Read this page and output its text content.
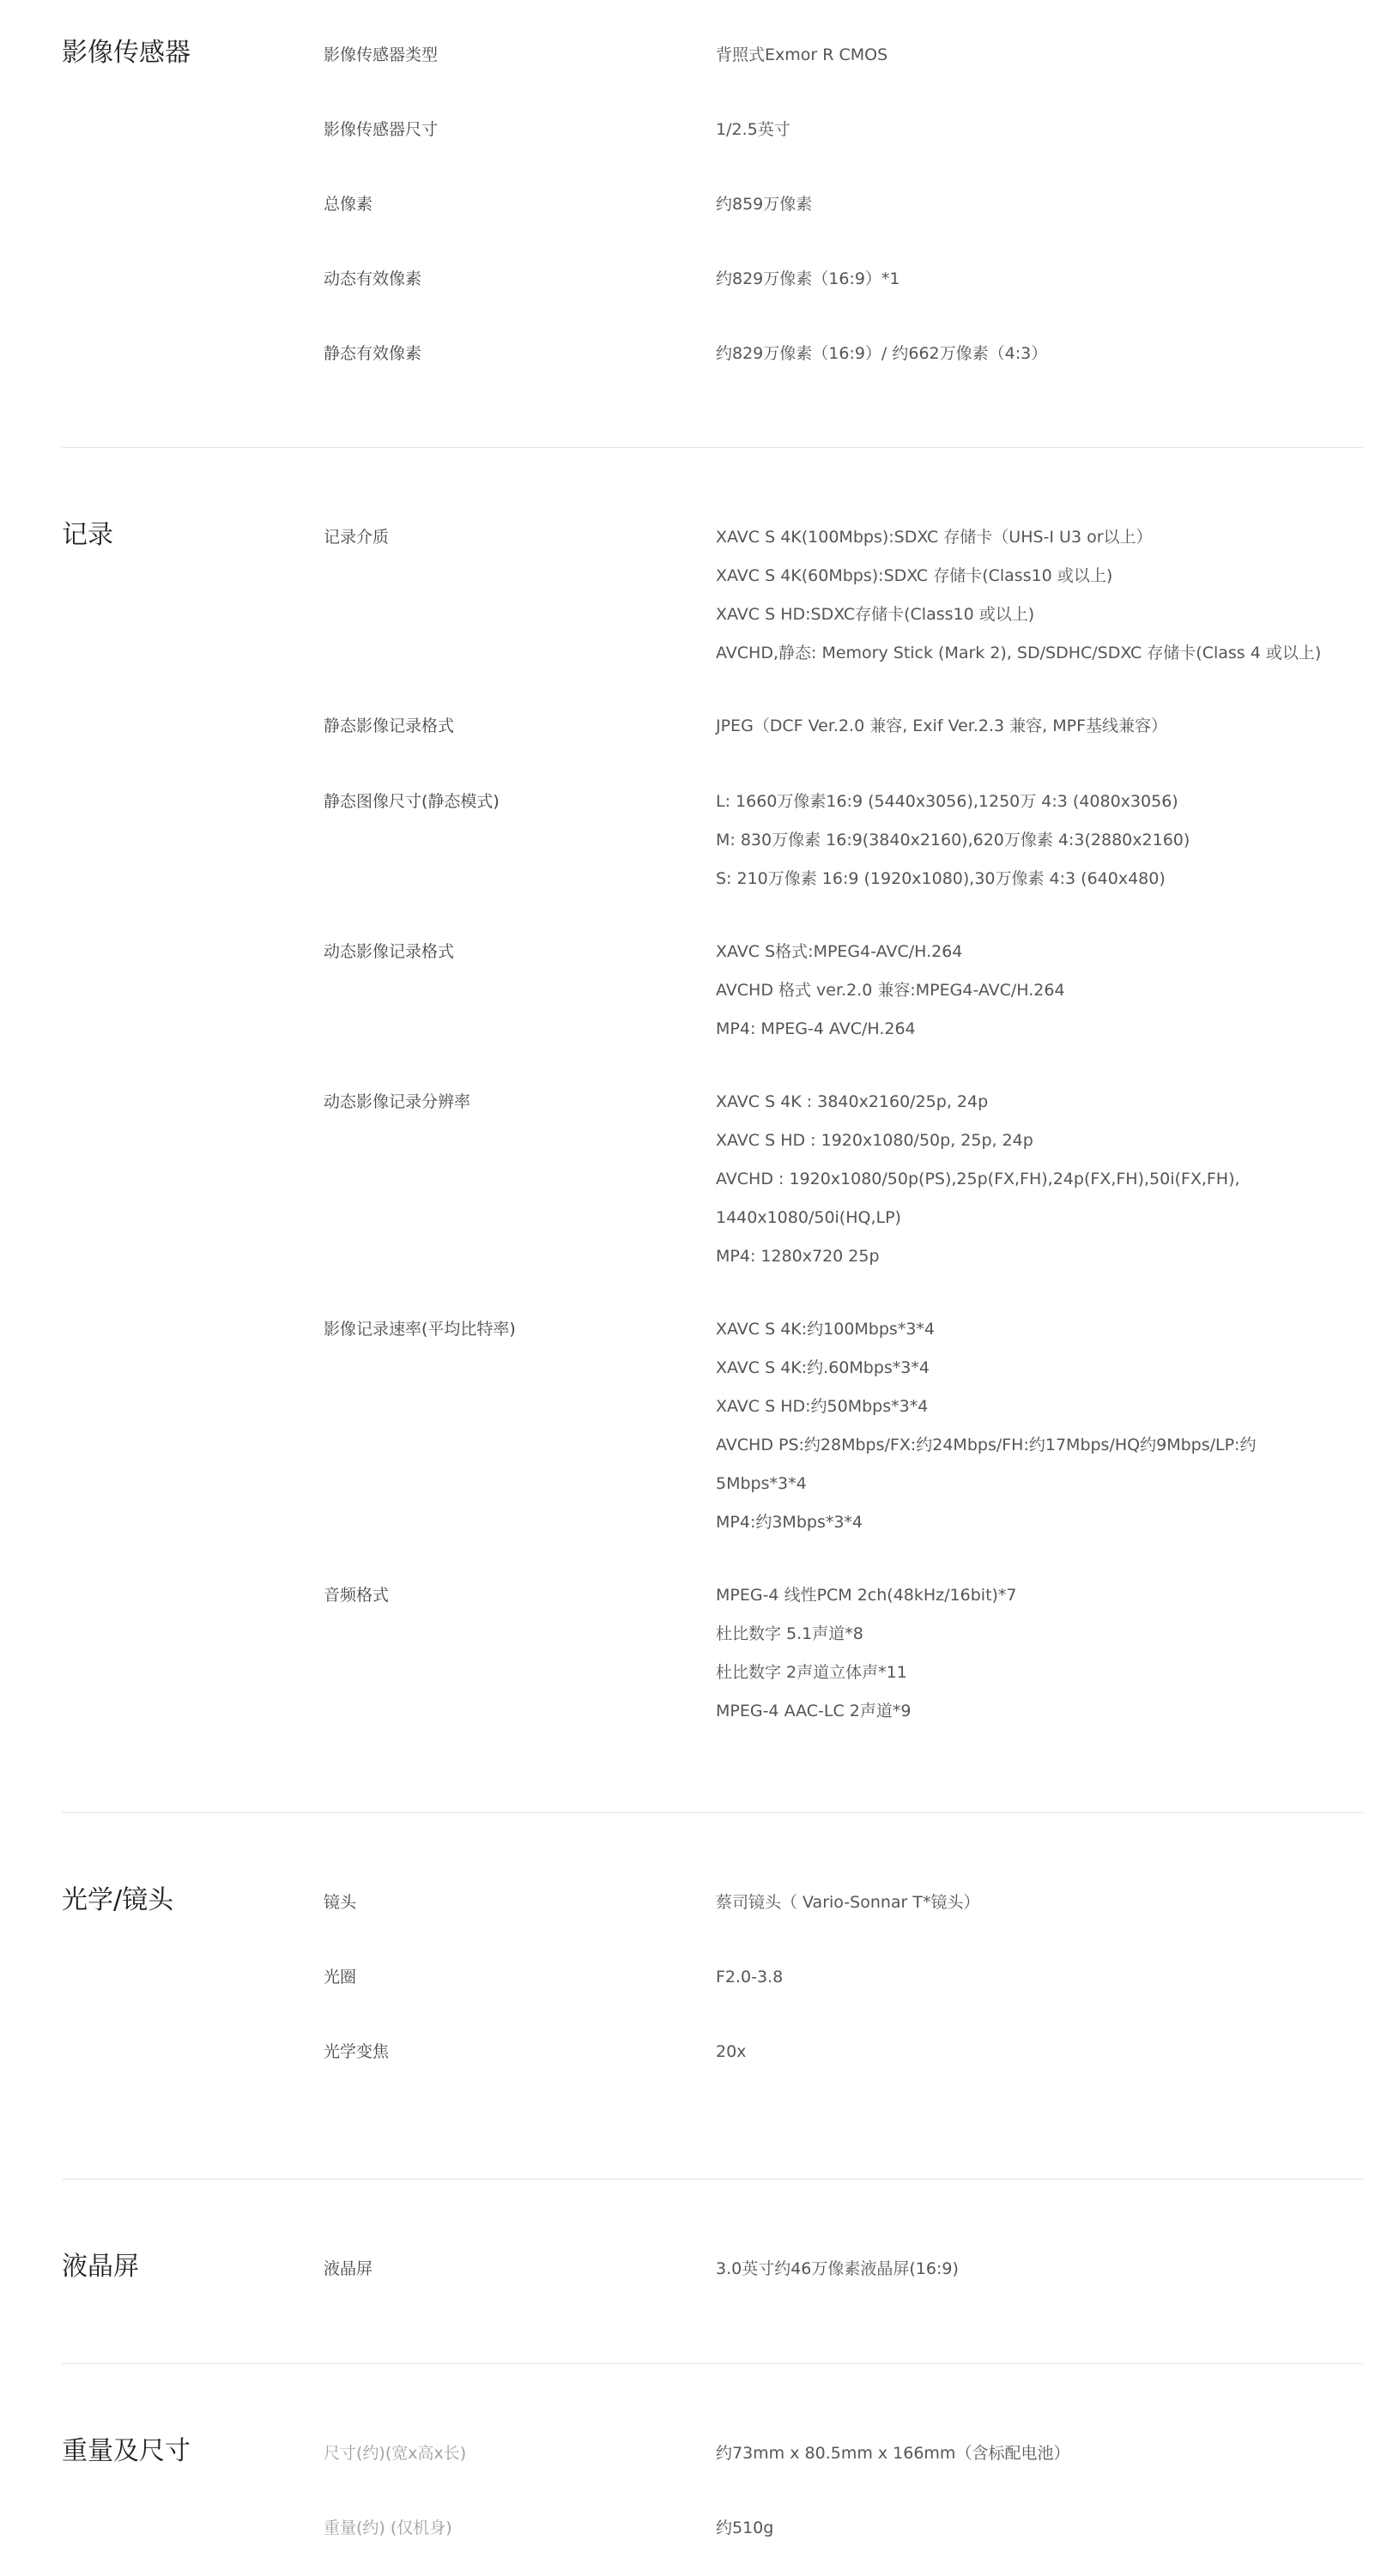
影像传感器	影像传感器类型	背照式Exmor R CMOS
影像传感器尺寸	1/2.5英寸
总像素	约859万像素
动态有效像素	约829万像素（16:9）*1
静态有效像素	约829万像素（16:9）/ 约662万像素（4:3）
记录	记录介质	XAVC S 4K(100Mbps):SDXC 存储卡（UHS-I U3 or以上）
XAVC S 4K(60Mbps):SDXC 存储卡(Class10 或以上)
XAVC S HD:SDXC存储卡(Class10 或以上)
AVCHD,静态: Memory Stick (Mark 2), SD/SDHC/SDXC 存储卡(Class 4 或以上)
静态影像记录格式	JPEG（DCF Ver.2.0 兼容, Exif Ver.2.3 兼容, MPF基线兼容）
静态图像尺寸(静态模式)	L: 1660万像素16:9 (5440x3056),1250万 4:3 (4080x3056)
M: 830万像素 16:9(3840x2160),620万像素 4:3(2880x2160)
S: 210万像素 16:9 (1920x1080),30万像素 4:3 (640x480)
动态影像记录格式	XAVC S格式:MPEG4-AVC/H.264
AVCHD 格式 ver.2.0 兼容:MPEG4-AVC/H.264
MP4: MPEG-4 AVC/H.264
动态影像记录分辨率	XAVC S 4K : 3840x2160/25p, 24p
XAVC S HD : 1920x1080/50p, 25p, 24p
AVCHD : 1920x1080/50p(PS),25p(FX,FH),24p(FX,FH),50i(FX,FH),
1440x1080/50i(HQ,LP)
MP4: 1280x720 25p
影像记录速率(平均比特率)	XAVC S 4K:约100Mbps*3*4
XAVC S 4K:约.60Mbps*3*4
XAVC S HD:约50Mbps*3*4
AVCHD PS:约28Mbps/FX:约24Mbps/FH:约17Mbps/HQ约9Mbps/LP:约
5Mbps*3*4
MP4:约3Mbps*3*4
音频格式	MPEG-4 线性PCM 2ch(48kHz/16bit)*7
杜比数字 5.1声道*8
杜比数字 2声道立体声*11
MPEG-4 AAC-LC 2声道*9
光学/镜头	镜头	蔡司镜头（ Vario-Sonnar T*镜头）
光圈	F2.0-3.8
光学变焦	20x
液晶屏	液晶屏	3.0英寸约46万像素液晶屏(16:9)
重量及尺寸	尺寸(约)(宽x高x长)	约73mm x 80.5mm x 166mm（含标配电池）
重量(约) (仅机身)	约510g
